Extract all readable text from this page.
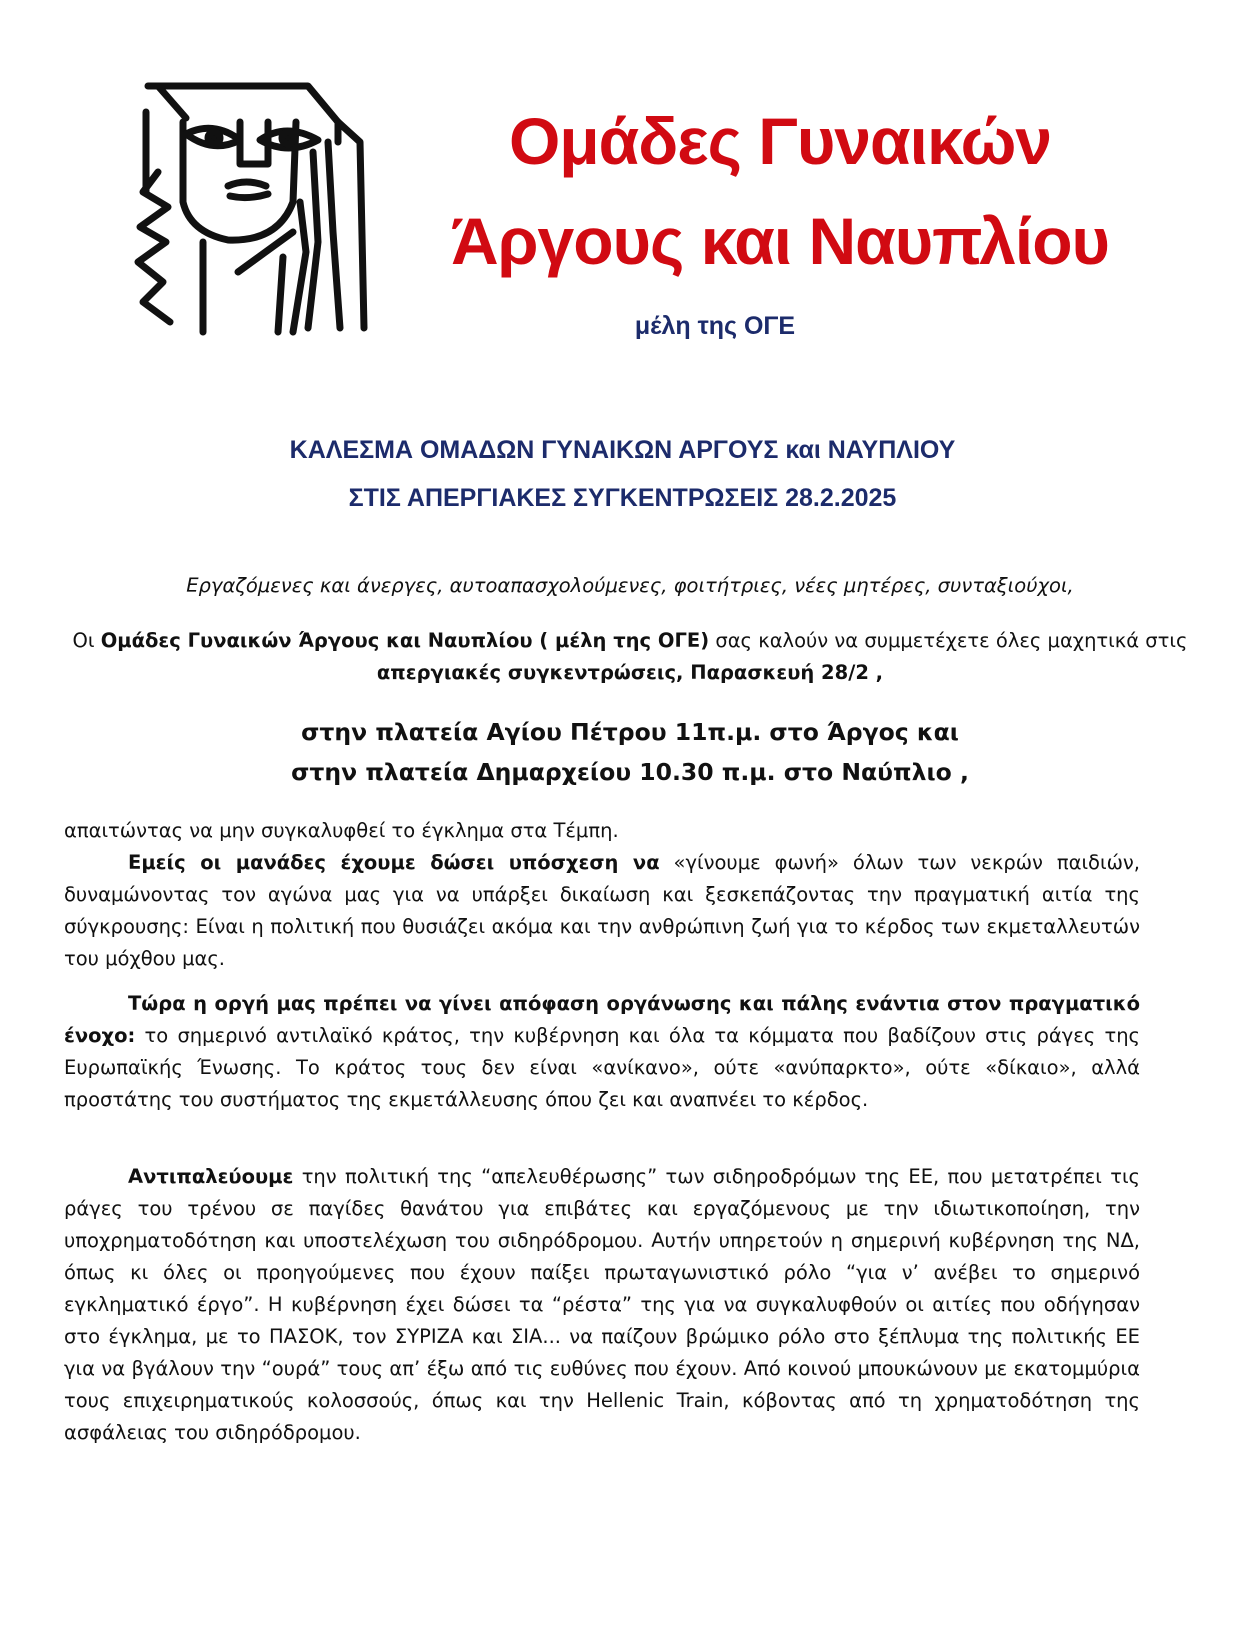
Ομάδες Γυναικών
Άργους και Ναυπλίου
μέλη της ΟΓΕ
ΚΑΛΕΣΜΑ ΟΜΑΔΩΝ ΓΥΝΑΙΚΩΝ ΑΡΓΟΥΣ και ΝΑΥΠΛΙΟΥ
ΣΤΙΣ ΑΠΕΡΓΙΑΚΕΣ ΣΥΓΚΕΝΤΡΩΣΕΙΣ 28.2.2025
Εργαζόμενες και άνεργες, αυτοαπασχολούμενες, φοιτήτριες, νέες μητέρες, συνταξιούχοι,
Οι Ομάδες Γυναικών Άργους και Ναυπλίου ( μέλη της ΟΓΕ) σας καλούν να συμμετέχετε όλες μαχητικά στις
απεργιακές συγκεντρώσεις, Παρασκευή 28/2 ,
στην πλατεία Αγίου Πέτρου 11π.μ. στο Άργος και
στην πλατεία Δημαρχείου 10.30 π.μ. στο Ναύπλιο ,
απαιτώντας να μην συγκαλυφθεί το έγκλημα στα Τέμπη.
Εμείς οι μανάδες έχουμε δώσει υπόσχεση να «γίνουμε φωνή» όλων των νεκρών παιδιών, δυναμώνοντας τον αγώνα μας για να υπάρξει δικαίωση και ξεσκεπάζοντας την πραγματική αιτία της σύγκρουσης: Είναι η πολιτική που θυσιάζει ακόμα και την ανθρώπινη ζωή για το κέρδος των εκμεταλλευτών του μόχθου μας.
Τώρα η οργή μας πρέπει να γίνει απόφαση οργάνωσης και πάλης ενάντια στον πραγματικό ένοχο: το σημερινό αντιλαϊκό κράτος, την κυβέρνηση και όλα τα κόμματα που βαδίζουν στις ράγες της Ευρωπαϊκής Ένωσης. Το κράτος τους δεν είναι «ανίκανο», ούτε «ανύπαρκτο», ούτε «δίκαιο», αλλά προστάτης του συστήματος της εκμετάλλευσης όπου ζει και αναπνέει το κέρδος.
Αντιπαλεύουμε την πολιτική της “απελευθέρωσης” των σιδηροδρόμων της ΕΕ, που μετατρέπει τις ράγες του τρένου σε παγίδες θανάτου για επιβάτες και εργαζόμενους με την ιδιωτικοποίηση, την υποχρηματοδότηση και υποστελέχωση του σιδηρόδρομου. Αυτήν υπηρετούν η σημερινή κυβέρνηση της ΝΔ, όπως κι όλες οι προηγούμενες που έχουν παίξει πρωταγωνιστικό ρόλο “για ν’ ανέβει το σημερινό εγκληματικό έργο”. Η κυβέρνηση έχει δώσει τα “ρέστα” της για να συγκαλυφθούν οι αιτίες που οδήγησαν στο έγκλημα, με το ΠΑΣΟΚ, τον ΣΥΡΙΖΑ και ΣΙΑ... να παίζουν βρώμικο ρόλο στο ξέπλυμα της πολιτικής ΕΕ για να βγάλουν την “ουρά” τους απ’ έξω από τις ευθύνες που έχουν. Από κοινού μπουκώνουν με εκατομμύρια τους επιχειρηματικούς κολοσσούς, όπως και την Hellenic Train, κόβοντας από τη χρηματοδότηση της ασφάλειας του σιδηρόδρομου.
